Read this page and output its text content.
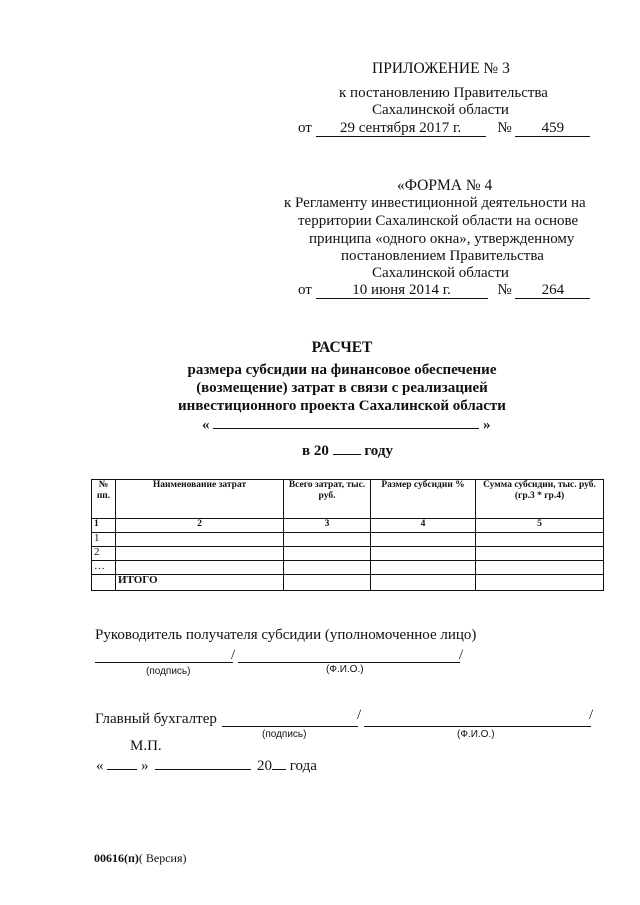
ПРИЛОЖЕНИЕ № 3
к постановлению Правительства
Сахалинской области
от 29 сентября 2017 г. № 459
«ФОРМА № 4
к Регламенту инвестиционной деятельности на
территории Сахалинской области на основе
принципа «одного окна», утвержденному
постановлением Правительства
Сахалинской области
от	10 июня 2014 г.	№ 264
РАСЧЕТ
размера субсидии на финансовое обеспечение
(возмещение) затрат в связи с реализацией
инвестиционного проекта Сахалинской области
«	»
в 20 году
№ пп.	Наименование затрат	Всего затрат, тыс. руб.	Размер субсидии %	Сумма субсидии, тыс. руб. (гр.3 * гр.4)
1	2	3	4	5
1				
2				
…				
	ИТОГО			
Руководитель получателя субсидии (уполномоченное лицо)
/	/
(подпись)	(Ф.И.О.)
Главный бухгалтер	/	/
(подпись)	(Ф.И.О.)
М.П.
«	»	20 года
00616(п)( Версия)
